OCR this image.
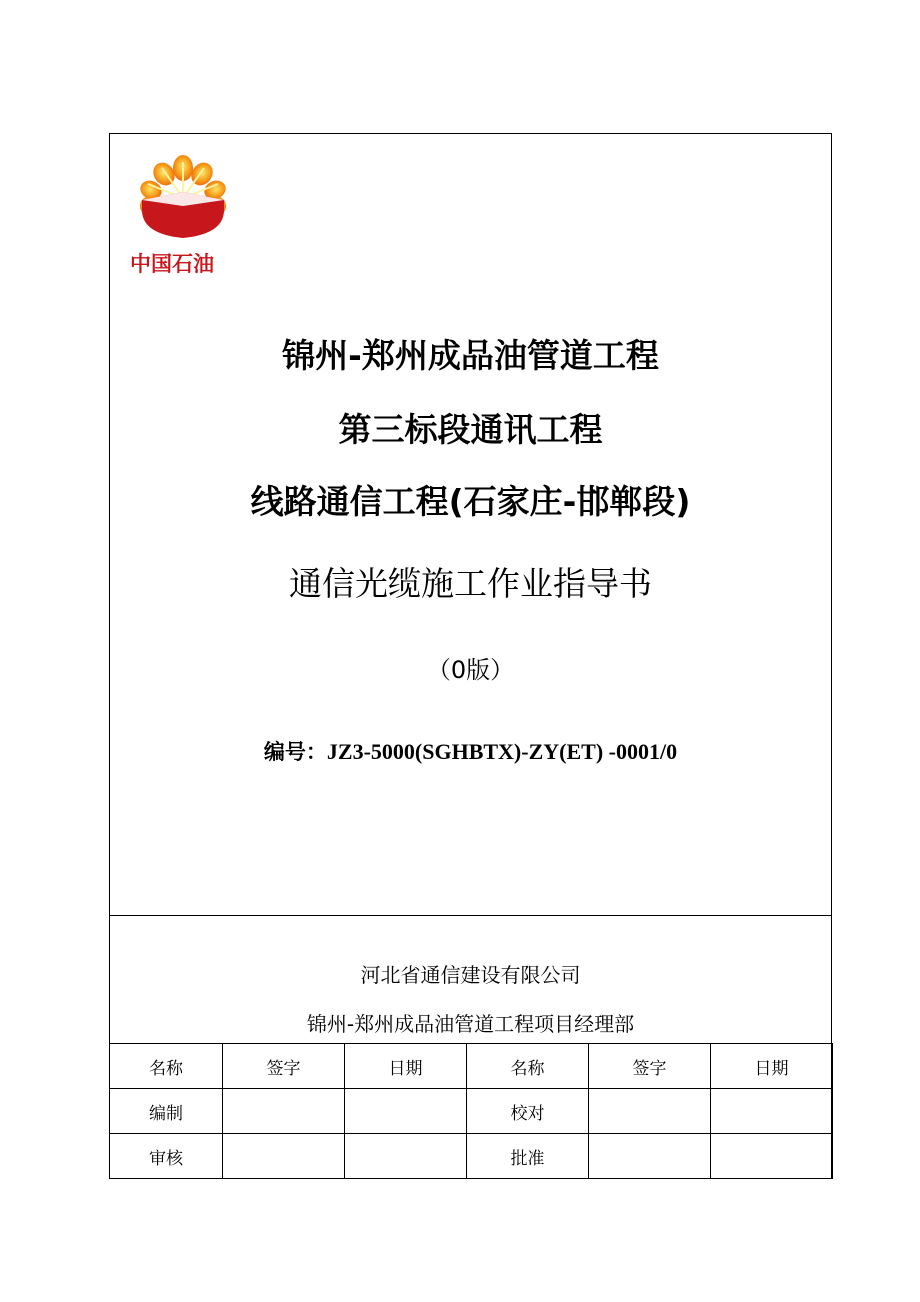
中国石油
锦州-郑州成品油管道工程
第三标段通讯工程
线路通信工程(石家庄-邯郸段)
通信光缆施工作业指导书
（0版）
编号：JZ3-5000(SGHBTX)-ZY(ET) -0001/0
河北省通信建设有限公司
锦州-郑州成品油管道工程项目经理部
名称	签字	日期	名称	签字	日期
编制			校对		
审核			批准		
